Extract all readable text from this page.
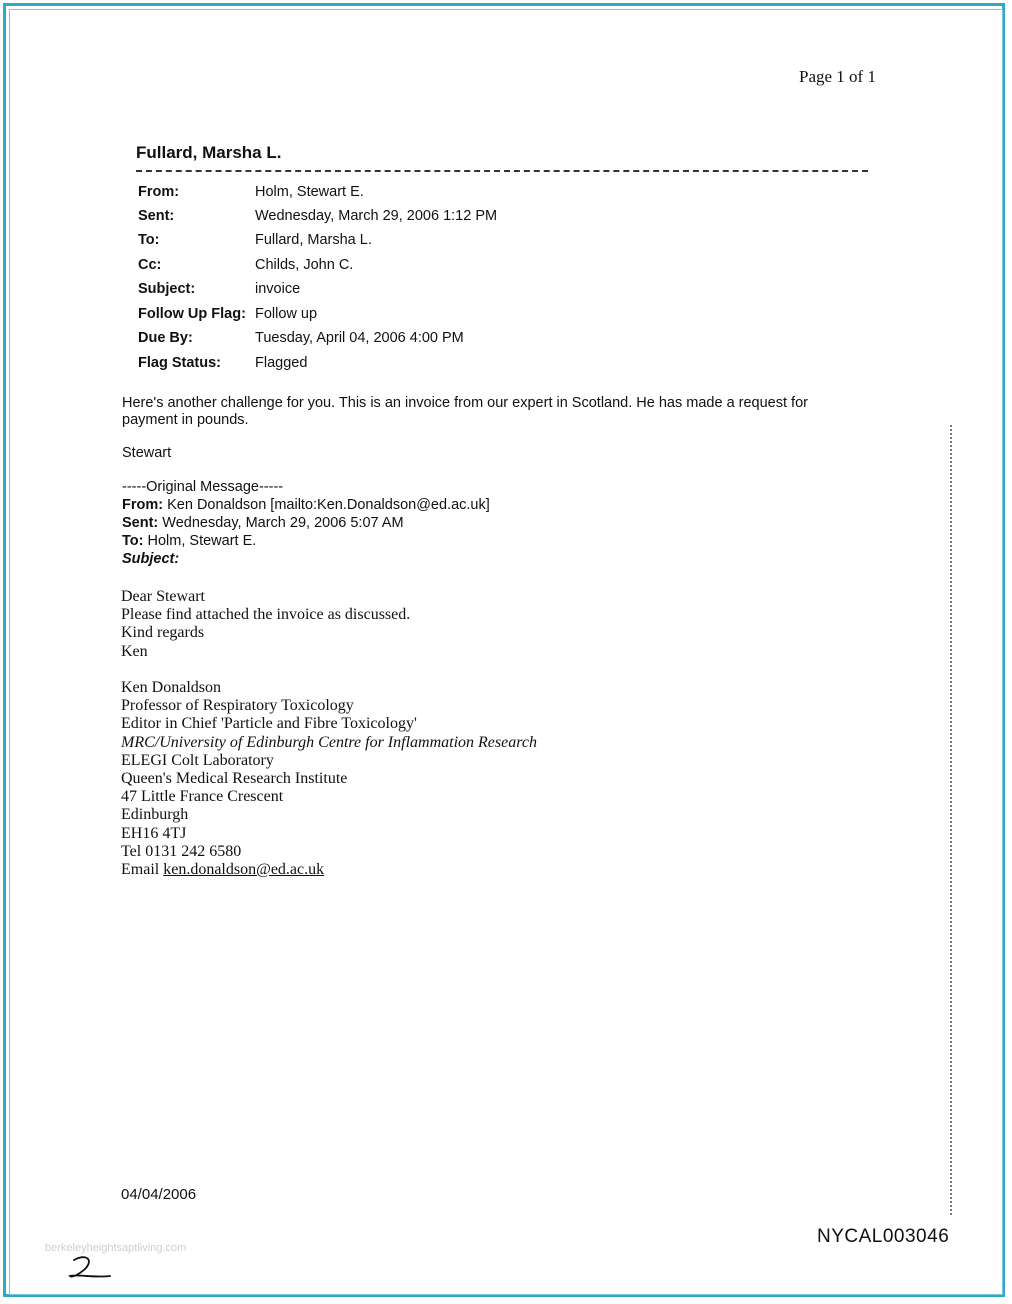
Page 1 of 1
Fullard, Marsha L.
From:	Holm, Stewart E.
Sent:	Wednesday, March 29, 2006 1:12 PM
To:	Fullard, Marsha L.
Cc:	Childs, John C.
Subject:	invoice
Follow Up Flag: Follow up
Due By:	Tuesday, April 04, 2006 4:00 PM
Flag Status: Flagged
Here's another challenge for you. This is an invoice from our expert in Scotland. He has made a request for payment in pounds.
Stewart
-----Original Message-----
From: Ken Donaldson [mailto:Ken.Donaldson@ed.ac.uk]
Sent: Wednesday, March 29, 2006 5:07 AM
To: Holm, Stewart E.
Subject:
Dear Stewart
Please find attached the invoice as discussed.
Kind regards
Ken
Ken Donaldson
Professor of Respiratory Toxicology
Editor in Chief 'Particle and Fibre Toxicology'
MRC/University of Edinburgh Centre for Inflammation Research
ELEGI Colt Laboratory
Queen's Medical Research Institute
47 Little France Crescent
Edinburgh
EH16 4TJ
Tel 0131 242 6580
Email ken.donaldson@ed.ac.uk
04/04/2006
NYCAL003046
berkeleyheightsaptliving.com
